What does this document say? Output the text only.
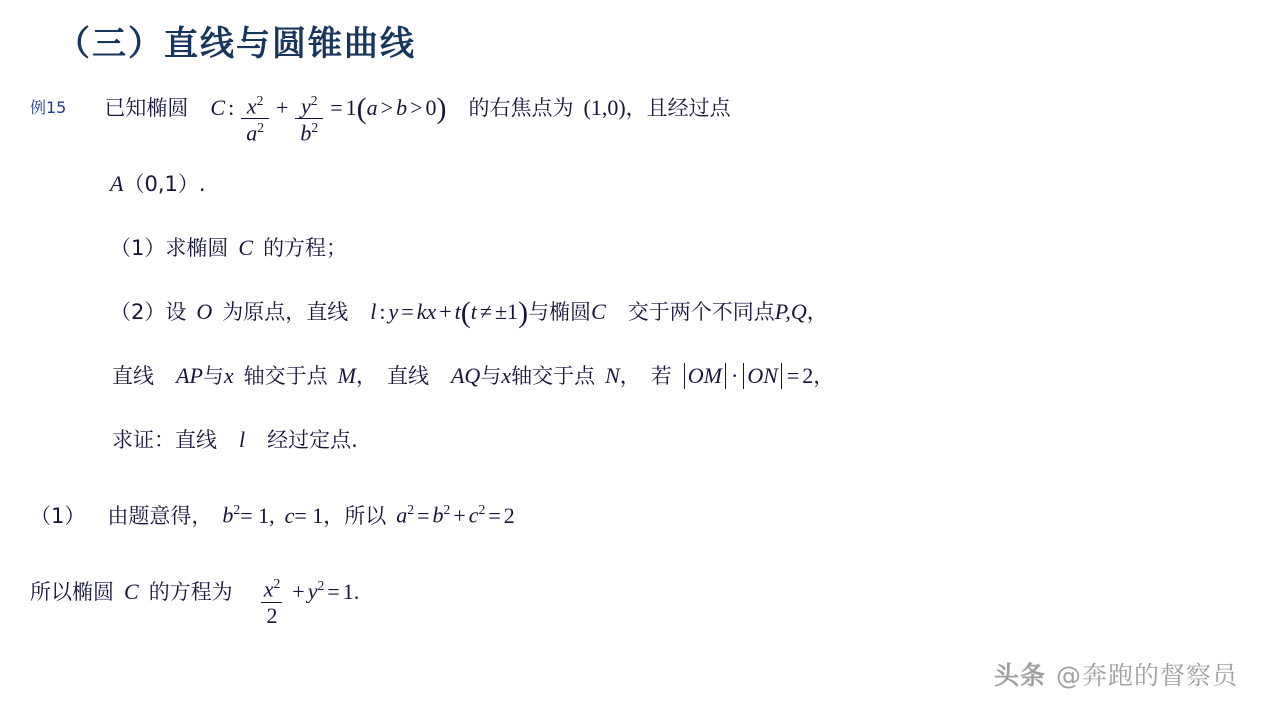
（三）直线与圆锥曲线
例15 已知椭圆 C : $\frac{x^2}{a^2} + \frac{y^2}{b^2} = 1$ ( a > b > 0 ) 的右焦点为 (1,0) ，且经过点
A （0,1）.
（1）求椭圆 C 的方程；
（2）设 O 为原点，直线 l : y = k x + t ( t ≠ ±1 ) 与椭圆 C 交于两个不同点 P,Q ，
直线 AP 与 x 轴交于点 M ， 直线 AQ 与 x 轴交于点 N ， 若 OM · ON = 2 ，
求证：直线 l 经过定点.
（1） 由题意得， $b^2 = 1$, c = 1 ，所以 $a^2 = b^2 + c^2 = 2$
所以椭圆 C 的方程为 $\frac{x^2}{2} + y^2 = 1$ .
头条 @奔跑的督察员
